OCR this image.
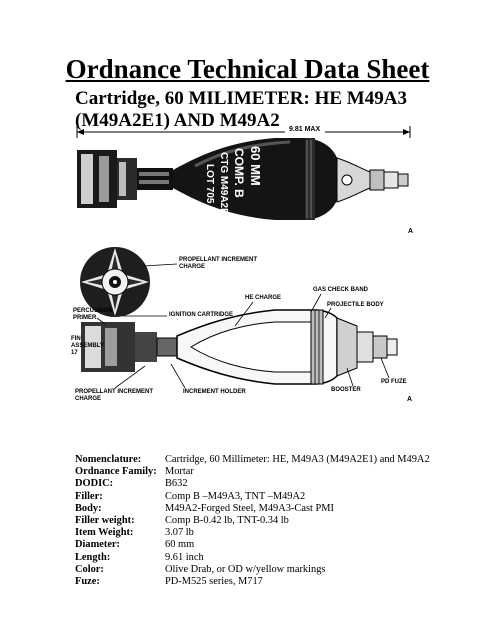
Ordnance Technical Data Sheet
Cartridge, 60 MILIMETER: HE M49A3
(M49A2E1) AND M49A2
60 MM
COMP. B
CTG M49A2E1
LOT 705
9.81 MAX
A
PROPELLANT INCREMENT
CHARGE
IGNITION CARTRIDGE
PERCUSSION
PRIMER
FIN
ASSEMBLY
17
PROPELLANT INCREMENT
CHARGE
INCREMENT HOLDER
HE CHARGE
GAS CHECK BAND
PROJECTILE BODY
BOOSTER
PD FUZE
A
Nomenclature:	Cartridge, 60 Millimeter: HE, M49A3 (M49A2E1) and M49A2
Ordnance Family:	Mortar
DODIC:	B632
Filler:	Comp B –M49A3, TNT –M49A2
Body:	M49A2-Forged Steel, M49A3-Cast PMI
Filler weight:	Comp B-0.42 lb, TNT-0.34 lb
Item Weight:	3.07 lb
Diameter:	60 mm
Length:	9.61 inch
Color:	Olive Drab, or OD w/yellow markings
Fuze:	PD-M525 series, M717
